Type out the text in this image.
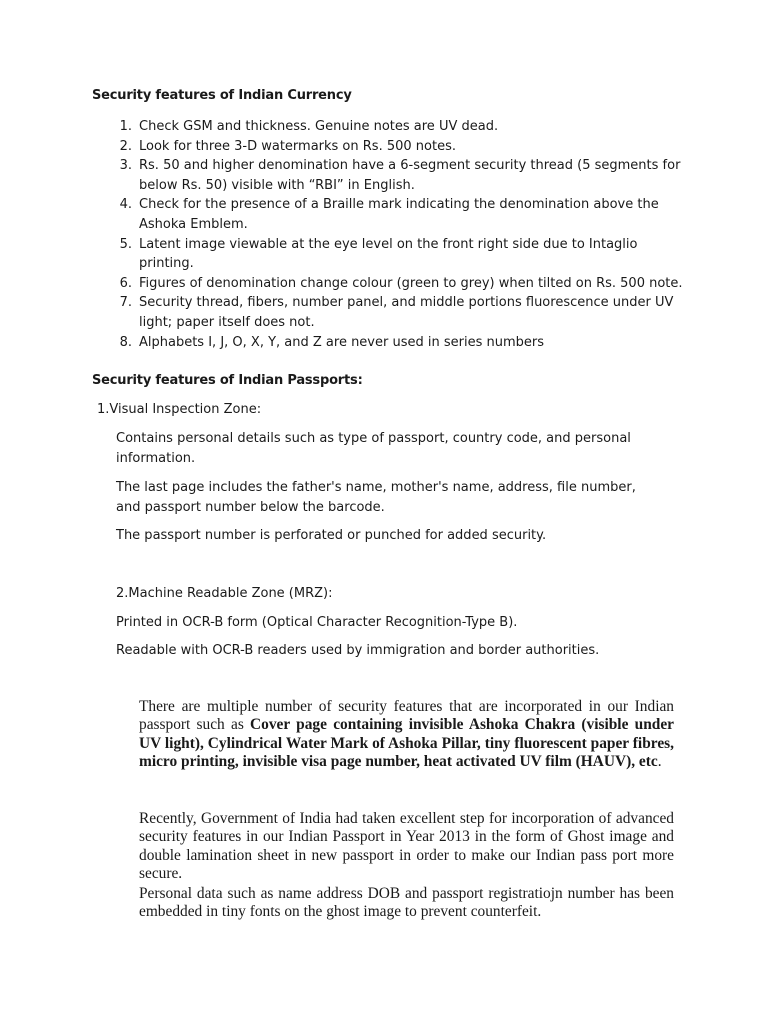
Security features of Indian Currency
1. Check GSM and thickness. Genuine notes are UV dead.
2. Look for three 3-D watermarks on Rs. 500 notes.
3. Rs. 50 and higher denomination have a 6-segment security thread (5 segments for below Rs. 50) visible with “RBI” in English.
4. Check for the presence of a Braille mark indicating the denomination above the Ashoka Emblem.
5. Latent image viewable at the eye level on the front right side due to Intaglio printing.
6. Figures of denomination change colour (green to grey) when tilted on Rs. 500 note.
7. Security thread, fibers, number panel, and middle portions fluorescence under UV light; paper itself does not.
8. Alphabets I, J, O, X, Y, and Z are never used in series numbers
Security features of Indian Passports:
1.Visual Inspection Zone:
Contains personal details such as type of passport, country code, and personal information.
The last page includes the father's name, mother's name, address, file number, and passport number below the barcode.
The passport number is perforated or punched for added security.
2.Machine Readable Zone (MRZ):
Printed in OCR-B form (Optical Character Recognition-Type B).
Readable with OCR-B readers used by immigration and border authorities.
There are multiple number of security features that are incorporated in our Indian passport such as Cover page containing invisible Ashoka Chakra (visible under UV light), Cylindrical Water Mark of Ashoka Pillar, tiny fluorescent paper fibres, micro printing, invisible visa page number, heat activated UV film (HAUV), etc.
Recently, Government of India had taken excellent step for incorporation of advanced security features in our Indian Passport in Year 2013 in the form of Ghost image and double lamination sheet in new passport in order to make our Indian pass port more secure.
Personal data such as name address DOB and passport registratiojn number has been embedded in tiny fonts on the ghost image to prevent counterfeit.
